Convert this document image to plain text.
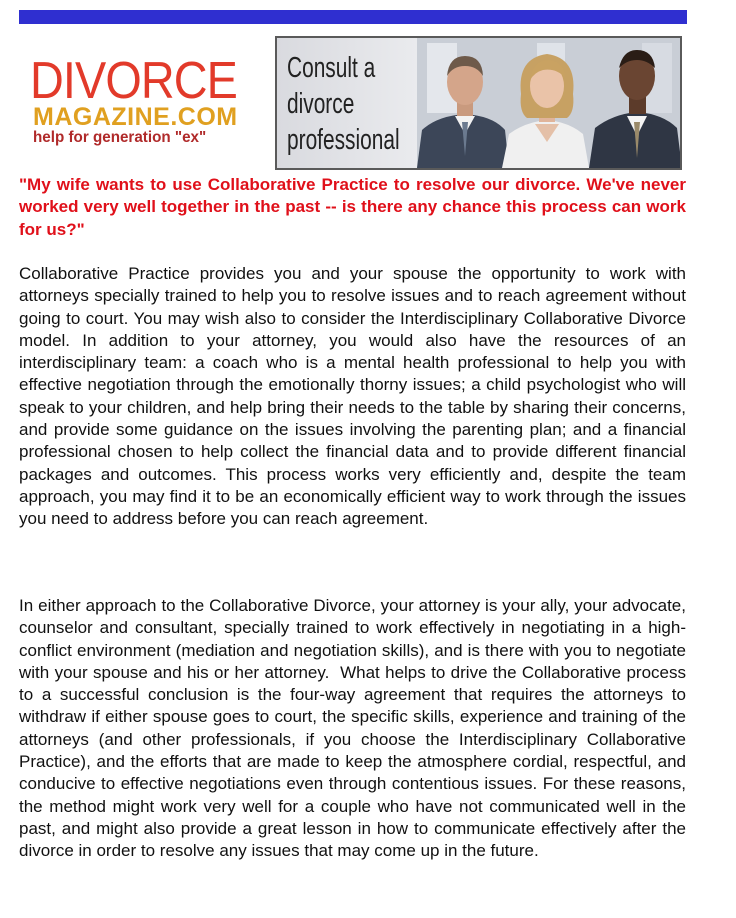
DIVORCE
MAGAZINE.COM
help for generation "ex"
Consult a
divorce
professional

"My wife wants to use Collaborative Practice to resolve our divorce. We've never worked very well together in the past -- is there any chance this process can work for us?"

Collaborative Practice provides you and your spouse the opportunity to work with attorneys specially trained to help you to resolve issues and to reach agreement without going to court. You may wish also to consider the Interdisciplinary Collaborative Divorce model. In addition to your attorney, you would also have the resources of an interdisciplinary team: a coach who is a mental health professional to help you with effective negotiation through the emotionally thorny issues; a child psychologist who will speak to your children, and help bring their needs to the table by sharing their concerns, and provide some guidance on the issues involving the parenting plan; and a financial professional chosen to help collect the financial data and to provide different financial packages and outcomes. This process works very efficiently and, despite the team approach, you may find it to be an economically efficient way to work through the issues you need to address before you can reach agreement.

In either approach to the Collaborative Divorce, your attorney is your ally, your advocate, counselor and consultant, specially trained to work effectively in negotiating in a high-conflict environment (mediation and negotiation skills), and is there with you to negotiate with your spouse and his or her attorney.  What helps to drive the Collaborative process to a successful conclusion is the four-way agreement that requires the attorneys to withdraw if either spouse goes to court, the specific skills, experience and training of the attorneys (and other professionals, if you choose the Interdisciplinary Collaborative Practice), and the efforts that are made to keep the atmosphere cordial, respectful, and conducive to effective negotiations even through contentious issues. For these reasons, the method might work very well for a couple who have not communicated well in the past, and might also provide a great lesson in how to communicate effectively after the divorce in order to resolve any issues that may come up in the future.
